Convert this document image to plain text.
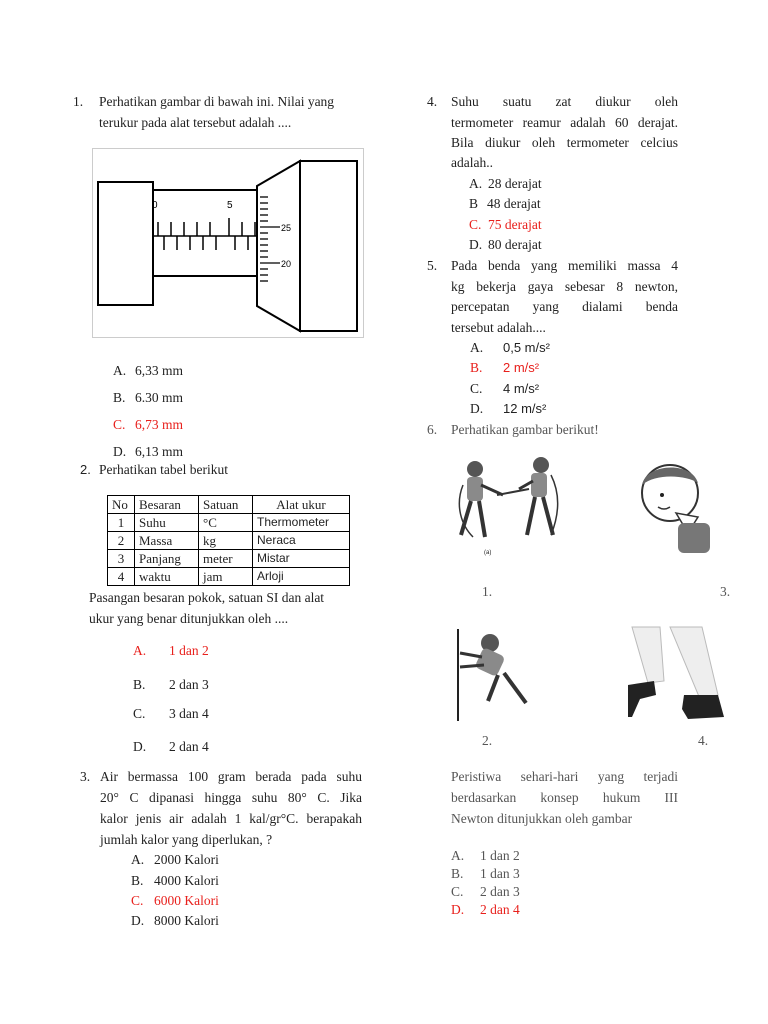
1. Perhatikan gambar di bawah ini. Nilai yang
terukur pada alat tersebut adalah ....
0	5
25
20
A. 6,33 mm
B. 6.30 mm
C. 6,73 mm
D. 6,13 mm
2. Perhatikan tabel berikut
No	Besaran	Satuan	Alat ukur
1	Suhu	°C	Thermometer
2	Massa	kg	Neraca
3	Panjang	meter	Mistar
4	waktu	jam	Arloji
Pasangan besaran pokok, satuan SI dan alat
ukur yang benar ditunjukkan oleh ....
A. 1 dan 2
B. 2 dan 3
C. 3 dan 4
D. 2 dan 4
3. Air bermassa 100 gram berada pada suhu
20° C dipanasi hingga suhu 80° C. Jika
kalor jenis air adalah 1 kal/gr°C. berapakah
jumlah kalor yang diperlukan, ?
A. 2000 Kalori
B. 4000 Kalori
C. 6000 Kalori
D. 8000 Kalori
4. Suhu suatu zat diukur oleh
termometer reamur adalah 60 derajat.
Bila diukur oleh termometer celcius
adalah..
A. 28 derajat
B 48 derajat
C. 75 derajat
D. 80 derajat
5. Pada benda yang memiliki massa 4
kg bekerja gaya sebesar 8 newton,
percepatan yang dialami benda
tersebut adalah....
A. 0,5 m/s²
B. 2 m/s²
C. 4 m/s²
D. 12 m/s²
6. Perhatikan gambar berikut!
(a)
1.	3.
2.	4.
Peristiwa sehari-hari yang terjadi
berdasarkan konsep hukum III
Newton ditunjukkan oleh gambar
A. 1 dan 2
B. 1 dan 3
C. 2 dan 3
D. 2 dan 4
